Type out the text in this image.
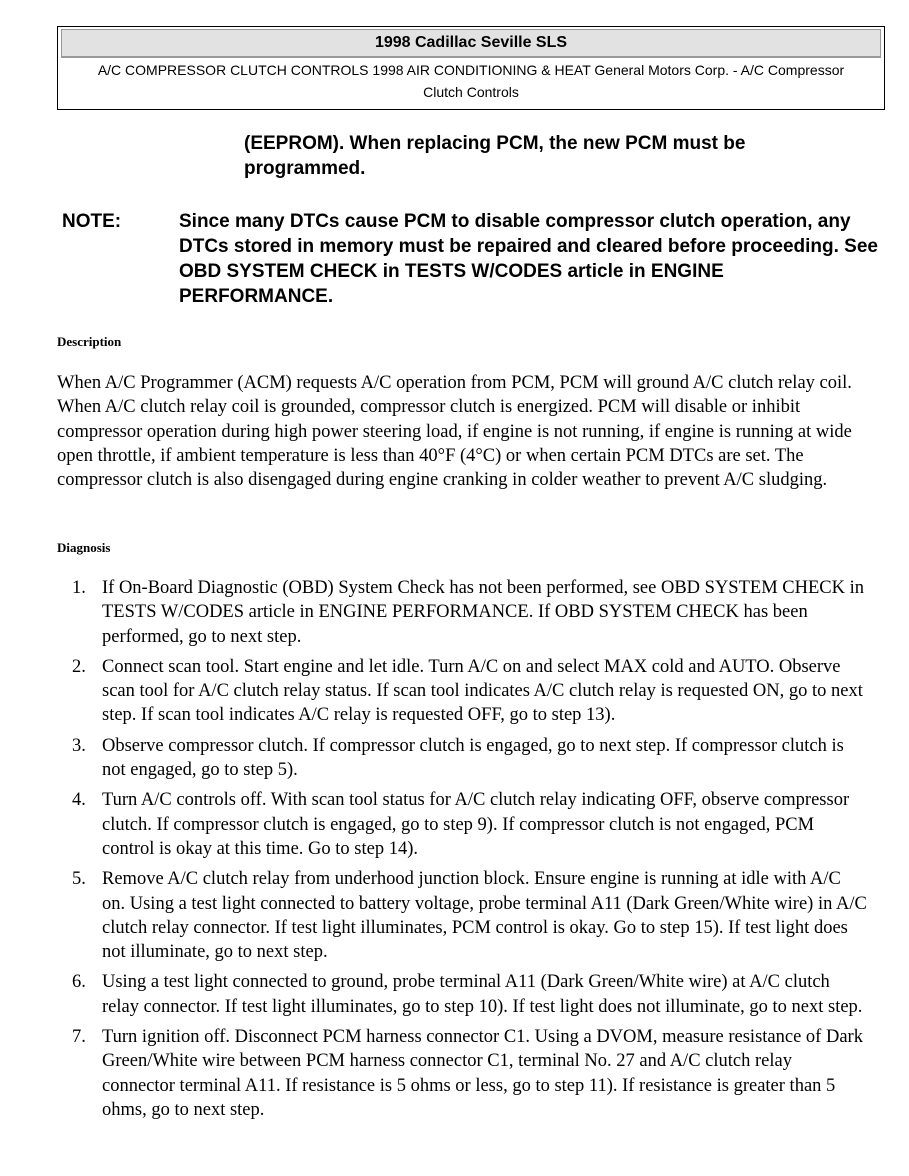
1998 Cadillac Seville SLS
A/C COMPRESSOR CLUTCH CONTROLS 1998 AIR CONDITIONING & HEAT General Motors Corp. - A/C Compressor Clutch Controls
(EEPROM). When replacing PCM, the new PCM must be programmed.
NOTE:	Since many DTCs cause PCM to disable compressor clutch operation, any DTCs stored in memory must be repaired and cleared before proceeding. See OBD SYSTEM CHECK in TESTS W/CODES article in ENGINE PERFORMANCE.
Description
When A/C Programmer (ACM) requests A/C operation from PCM, PCM will ground A/C clutch relay coil. When A/C clutch relay coil is grounded, compressor clutch is energized. PCM will disable or inhibit compressor operation during high power steering load, if engine is not running, if engine is running at wide open throttle, if ambient temperature is less than 40°F (4°C) or when certain PCM DTCs are set. The compressor clutch is also disengaged during engine cranking in colder weather to prevent A/C sludging.
Diagnosis
1. If On-Board Diagnostic (OBD) System Check has not been performed, see OBD SYSTEM CHECK in TESTS W/CODES article in ENGINE PERFORMANCE. If OBD SYSTEM CHECK has been performed, go to next step.
2. Connect scan tool. Start engine and let idle. Turn A/C on and select MAX cold and AUTO. Observe scan tool for A/C clutch relay status. If scan tool indicates A/C clutch relay is requested ON, go to next step. If scan tool indicates A/C relay is requested OFF, go to step 13).
3. Observe compressor clutch. If compressor clutch is engaged, go to next step. If compressor clutch is not engaged, go to step 5).
4. Turn A/C controls off. With scan tool status for A/C clutch relay indicating OFF, observe compressor clutch. If compressor clutch is engaged, go to step 9). If compressor clutch is not engaged, PCM control is okay at this time. Go to step 14).
5. Remove A/C clutch relay from underhood junction block. Ensure engine is running at idle with A/C on. Using a test light connected to battery voltage, probe terminal A11 (Dark Green/White wire) in A/C clutch relay connector. If test light illuminates, PCM control is okay. Go to step 15). If test light does not illuminate, go to next step.
6. Using a test light connected to ground, probe terminal A11 (Dark Green/White wire) at A/C clutch relay connector. If test light illuminates, go to step 10). If test light does not illuminate, go to next step.
7. Turn ignition off. Disconnect PCM harness connector C1. Using a DVOM, measure resistance of Dark Green/White wire between PCM harness connector C1, terminal No. 27 and A/C clutch relay connector terminal A11. If resistance is 5 ohms or less, go to step 11). If resistance is greater than 5 ohms, go to next step.
